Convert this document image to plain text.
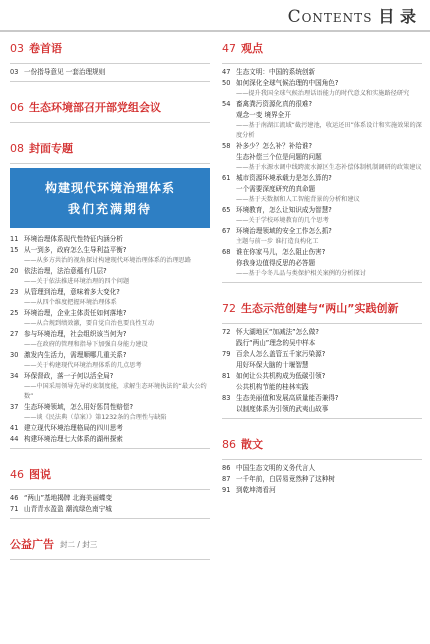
Contents 目 录
03 卷首语
03 一份指导意见 一套治理规则
06 生态环境部召开部党组会议
08 封面专题
构建现代环境治理体系
我们充满期待
11 环境治理体系现代性特征内涵分析
15 从一到多，政府怎么生导利益平衡?
——从多方共治的视角探讨构建现代环境治理体系的治理思路
20 依法治理，法治意蕴有几层?
——关于依法推进环境治理的四个问题
23 从管理到治理，意味着多大变化?
——从四个维度把握环境治理体系
25 环境治理，企业主体责任如何落地?
——从合规到绩效激，要自觉自治也要良性互动
27 参与环境治理，社会组织该当何为?
——在政府的管理和指导下加强自身能力建设
30 激发内生活力，需理顺哪几重关系?
——关于构建现代环境治理体系的几点思考
34 环保督政，落一子何以活全局?
——中国采用领导先导约束制度能，求解生态环境执法的“最大公约数”
37 生态环境领域，怎么用好惩罚性赔偿?
——谈《民法典（草案）》第1232条的合理性与缺陷
41 建立现代环境治理格局的四川思考
44 构建环境治理七大体系的湖州探索
46 图说
46 “两山”基地揭牌 北海美丽蝶变
71 山青青水盈盈 潮流绿色南宁城
公益广告 封二 / 封三
47 观点
47 生态文明：中国的系统创新
50 如何深化全球气候治理的中国角色?
——提升我国全球气候治理话语能力的时代意义和实施路径研究
54 畜禽粪污资源化真的很难?
观念一变 境界全开
——基于南湖江流域“截污建池，收运还田”体系设计和实施效果的深度分析
58 补多少？怎么补？补给谁?
生态补偿三个位是问题的问题
——基于水源水调中线跨流水源区生态补偿体制机制调研的政策建议
61 城市资源环境承载力是怎么算的?
一个需要深度研究的真命题
——基于天数据和人工智能背景的分析和建议
65 环境教育，怎么让知识成为智慧?
——关于学校环境教育的几个思考
67 环境治理领域的安全工作怎么抓?
主题与前一步 谁打造良构化工
68 谁在你家马儿，怎么阻止伤害?
你我身边值得反思的必答题
——基于今冬儿品与类保护相关案例的分析探讨
72 生态示范创建与“两山”实践创新
72 怀大湖地区“加减法”怎么做?
践行“两山”理念的吴中样本
79 百余人怎么盖管五千家污染源?
用好环保大脑的十堰智慧
81 如何让公共机构成为低碳引领?
公共机构节能的桂林实践
83 生态美丽值和发展高质量能否兼得?
以制度体系为引领的武夷山故事
86 散文
86 中国生态文明的义务代言人
87 一千年前，白居易竟然种了这种树
91 到乾坤湾看河
